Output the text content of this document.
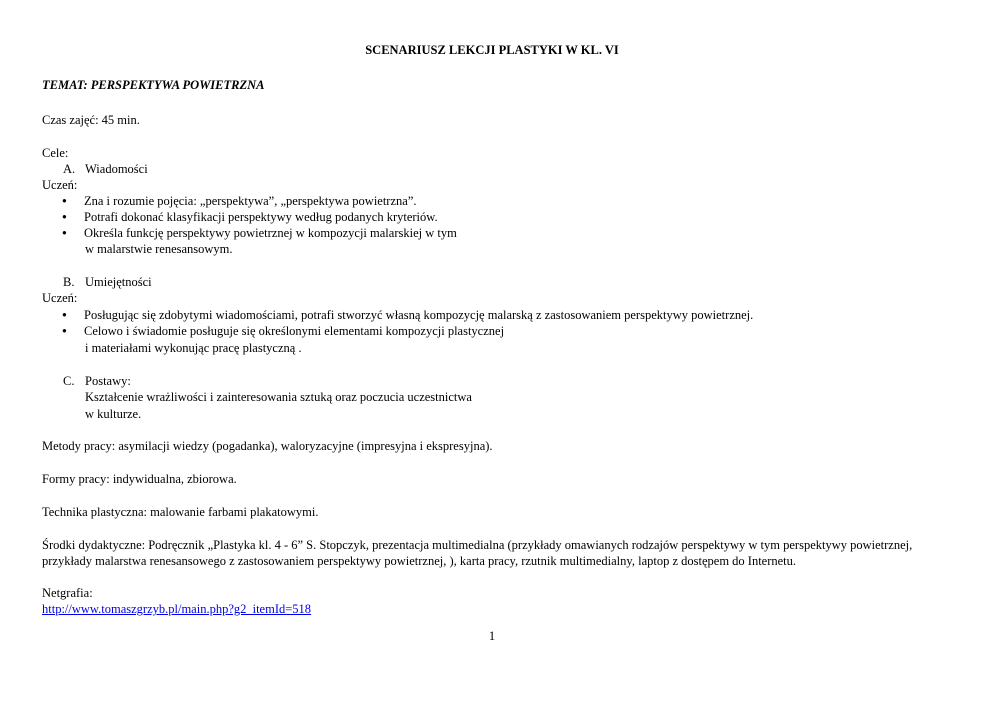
SCENARIUSZ LEKCJI PLASTYKI W KL. VI
TEMAT: PERSPEKTYWA POWIETRZNA
Czas zajęć: 45 min.
Cele:
A. Wiadomości
Uczeń:
● Zna i rozumie pojęcia: „perspektywa”, „perspektywa powietrzna”.
● Potrafi dokonać klasyfikacji perspektywy według podanych kryteriów.
● Określa funkcję perspektywy powietrznej w kompozycji malarskiej w tym
w malarstwie renesansowym.
B. Umiejętności
Uczeń:
● Posługując się zdobytymi wiadomościami, potrafi stworzyć własną kompozycję malarską z zastosowaniem perspektywy powietrznej.
● Celowo i świadomie posługuje się określonymi elementami kompozycji plastycznej
i materiałami wykonując pracę plastyczną .
C. Postawy:
Kształcenie wrażliwości i zainteresowania sztuką oraz poczucia uczestnictwa
w kulturze.
Metody pracy: asymilacji wiedzy (pogadanka), waloryzacyjne (impresyjna i ekspresyjna).
Formy pracy: indywidualna, zbiorowa.
Technika plastyczna: malowanie farbami plakatowymi.
Środki dydaktyczne: Podręcznik „Plastyka kl. 4 - 6” S. Stopczyk, prezentacja multimedialna (przykłady omawianych rodzajów perspektywy w tym perspektywy powietrznej, przykłady malarstwa renesansowego z zastosowaniem perspektywy powietrznej, ), karta pracy, rzutnik multimedialny, laptop z dostępem do Internetu.
Netgrafia:
http://www.tomaszgrzyb.pl/main.php?g2_itemId=518
1
